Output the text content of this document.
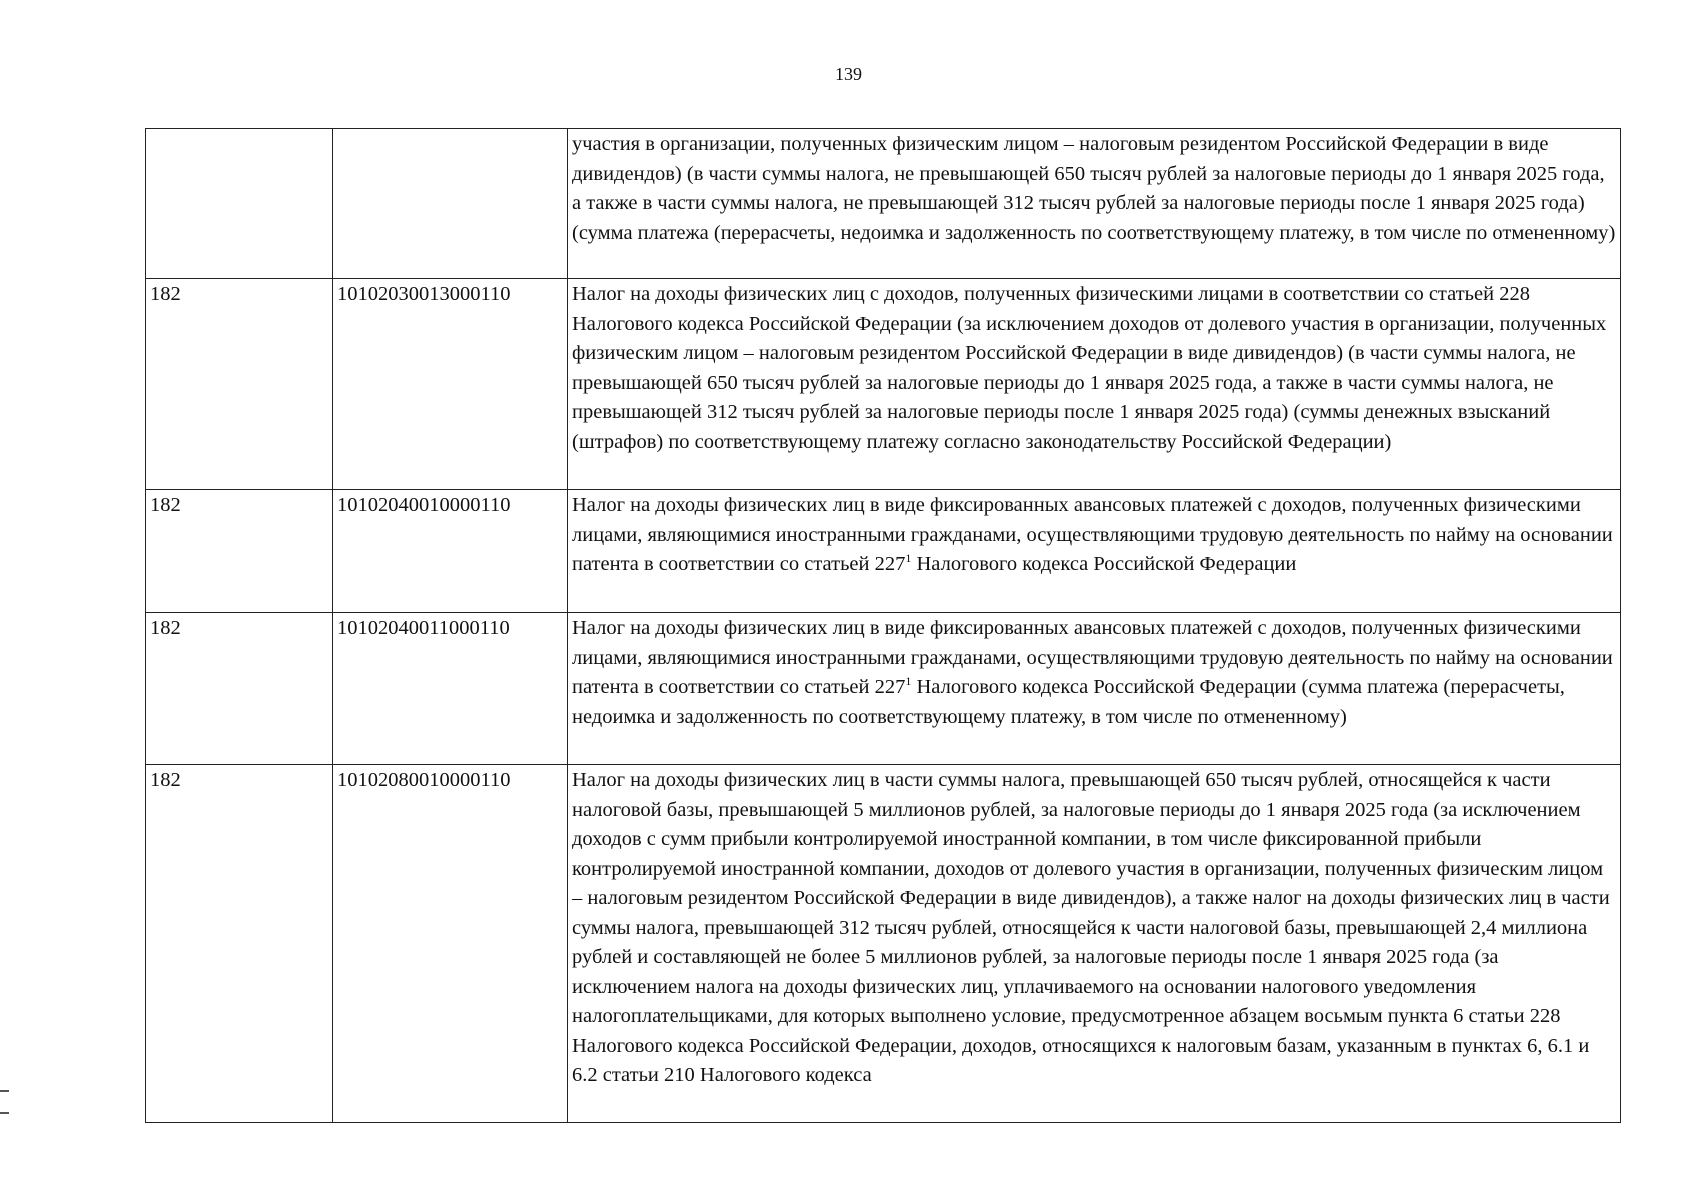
139
		участия в организации, полученных физическим лицом – налоговым резидентом Российской Федерации в виде дивидендов) (в части суммы налога, не превышающей 650 тысяч рублей за налоговые периоды до 1 января 2025 года, а также в части суммы налога, не превышающей 312 тысяч рублей за налоговые периоды после 1 января 2025 года) (сумма платежа (перерасчеты, недоимка и задолженность по соответствующему платежу, в том числе по отмененному)
182	10102030013000110	Налог на доходы физических лиц с доходов, полученных физическими лицами в соответствии со статьей 228 Налогового кодекса Российской Федерации (за исключением доходов от долевого участия в организации, полученных физическим лицом – налоговым резидентом Российской Федерации в виде дивидендов) (в части суммы налога, не превышающей 650 тысяч рублей за налоговые периоды до 1 января 2025 года, а также в части суммы налога, не превышающей 312 тысяч рублей за налоговые периоды после 1 января 2025 года) (суммы денежных взысканий (штрафов) по соответствующему платежу согласно законодательству Российской Федерации)
182	10102040010000110	Налог на доходы физических лиц в виде фиксированных авансовых платежей с доходов, полученных физическими лицами, являющимися иностранными гражданами, осуществляющими трудовую деятельность по найму на основании патента в соответствии со статьей $227^1$ Налогового кодекса Российской Федерации
182	10102040011000110	Налог на доходы физических лиц в виде фиксированных авансовых платежей с доходов, полученных физическими лицами, являющимися иностранными гражданами, осуществляющими трудовую деятельность по найму на основании патента в соответствии со статьей $227^1$ Налогового кодекса Российской Федерации (сумма платежа (перерасчеты, недоимка и задолженность по соответствующему платежу, в том числе по отмененному)
182	10102080010000110	Налог на доходы физических лиц в части суммы налога, превышающей 650 тысяч рублей, относящейся к части налоговой базы, превышающей 5 миллионов рублей, за налоговые периоды до 1 января 2025 года (за исключением доходов с сумм прибыли контролируемой иностранной компании, в том числе фиксированной прибыли контролируемой иностранной компании, доходов от долевого участия в организации, полученных физическим лицом – налоговым резидентом Российской Федерации в виде дивидендов), а также налог на доходы физических лиц в части суммы налога, превышающей 312 тысяч рублей, относящейся к части налоговой базы, превышающей 2,4 миллиона рублей и составляющей не более 5 миллионов рублей, за налоговые периоды после 1 января 2025 года (за исключением налога на доходы физических лиц, уплачиваемого на основании налогового уведомления налогоплательщиками, для которых выполнено условие, предусмотренное абзацем восьмым пункта 6 статьи 228 Налогового кодекса Российской Федерации, доходов, относящихся к налоговым базам, указанным в пунктах 6, 6.1 и 6.2 статьи 210 Налогового кодекса
